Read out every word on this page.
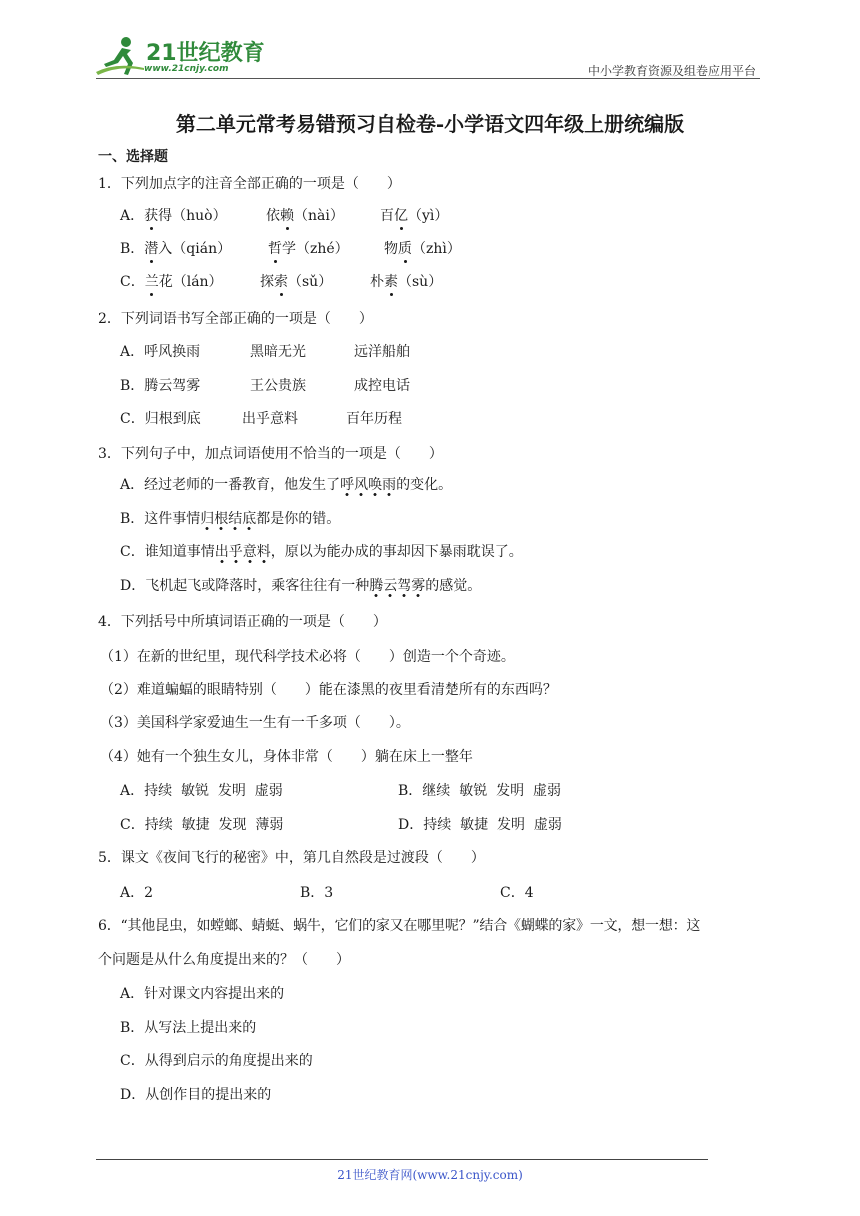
21世纪教育
www.21cnjy.com	中小学教育资源及组卷应用平台
第二单元常考易错预习自检卷-小学语文四年级上册统编版
一、选择题
1．下列加点字的注音全部正确的一项是（　　）
A．获得（huò）	依赖（nài）	百亿（yì）
B．潜入（qián）	哲学（zhé）	物质（zhì）
C．兰花（lán）	探索（sǔ）	朴素（sù）
2．下列词语书写全部正确的一项是（　　）
A．呼风换雨	黑暗无光	远洋船舶
B．腾云驾雾	王公贵族	成控电话
C．归根到底	出乎意料	百年历程
3．下列句子中，加点词语使用不恰当的一项是（　　）
A．经过老师的一番教育，他发生了呼风唤雨的变化。
B．这件事情归根结底都是你的错。
C．谁知道事情出乎意料，原以为能办成的事却因下暴雨耽误了。
D．飞机起飞或降落时，乘客往往有一种腾云驾雾的感觉。
4．下列括号中所填词语正确的一项是（　　）
（1）在新的世纪里，现代科学技术必将（　　）创造一个个奇迹。
（2）难道蝙蝠的眼睛特别（　　）能在漆黑的夜里看清楚所有的东西吗？
（3）美国科学家爱迪生一生有一千多项（　　）。
（4）她有一个独生女儿，身体非常（　　）躺在床上一整年
A．持续  敏锐  发明  虚弱	B．继续  敏锐  发明  虚弱
C．持续  敏捷  发现  薄弱	D．持续  敏捷  发明  虚弱
5．课文《夜间飞行的秘密》中，第几自然段是过渡段（　　）
A．2	B．3	C．4
6．“其他昆虫，如螳螂、蜻蜓、蜗牛，它们的家又在哪里呢？”结合《蝴蝶的家》一文，想一想：这
个问题是从什么角度提出来的？（　　）
A．针对课文内容提出来的
B．从写法上提出来的
C．从得到启示的角度提出来的
D．从创作目的提出来的
21世纪教育网(www.21cnjy.com)
